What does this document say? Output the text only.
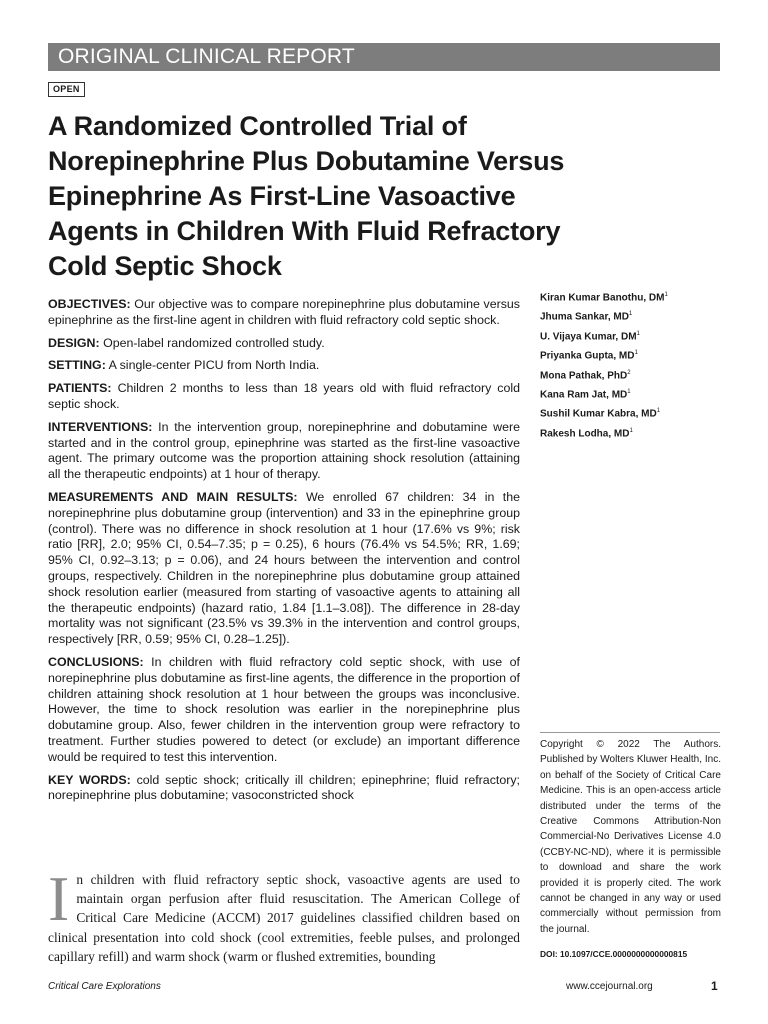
ORIGINAL CLINICAL REPORT
OPEN
A Randomized Controlled Trial of
Norepinephrine Plus Dobutamine Versus
Epinephrine As First-Line Vasoactive
Agents in Children With Fluid Refractory
Cold Septic Shock

OBJECTIVES: Our objective was to compare norepinephrine plus dobutamine versus epinephrine as the first-line agent in children with fluid refractory cold septic shock.

DESIGN: Open-label randomized controlled study.

SETTING: A single-center PICU from North India.

PATIENTS: Children 2 months to less than 18 years old with fluid refractory cold septic shock.

INTERVENTIONS: In the intervention group, norepinephrine and dobutamine were started and in the control group, epinephrine was started as the first-line vasoactive agent. The primary outcome was the proportion attaining shock resolution (attaining all the therapeutic endpoints) at 1 hour of therapy.

MEASUREMENTS AND MAIN RESULTS: We enrolled 67 children: 34 in the norepinephrine plus dobutamine group (intervention) and 33 in the epinephrine group (control). There was no difference in shock resolution at 1 hour (17.6% vs 9%; risk ratio [RR], 2.0; 95% CI, 0.54–7.35; p = 0.25), 6 hours (76.4% vs 54.5%; RR, 1.69; 95% CI, 0.92–3.13; p = 0.06), and 24 hours between the intervention and control groups, respectively. Children in the norepinephrine plus dobutamine group attained shock resolution earlier (measured from starting of vasoactive agents to attaining all the therapeutic endpoints) (hazard ratio, 1.84 [1.1–3.08]). The difference in 28-day mortality was not significant (23.5% vs 39.3% in the intervention and control groups, respectively [RR, 0.59; 95% CI, 0.28–1.25]).

CONCLUSIONS: In children with fluid refractory cold septic shock, with use of norepinephrine plus dobutamine as first-line agents, the difference in the proportion of children attaining shock resolution at 1 hour between the groups was inconclusive. However, the time to shock resolution was earlier in the norepinephrine plus dobutamine group. Also, fewer children in the intervention group were refractory to treatment. Further studies powered to detect (or exclude) an important difference would be required to test this intervention.

KEY WORDS: cold septic shock; critically ill children; epinephrine; fluid refractory; norepinephrine plus dobutamine; vasoconstricted shock

Kiran Kumar Banothu, $DM^1$
Jhuma Sankar, $MD^1$
U. Vijaya Kumar, $DM^1$
Priyanka Gupta, $MD^1$
Mona Pathak, PhD$^2$
Kana Ram Jat, $MD^1$
Sushil Kumar Kabra, $MD^1$
Rakesh Lodha, $MD^1$
Copyright © 2022 The Authors. Published by Wolters Kluwer Health, Inc. on behalf of the Society of Critical Care Medicine. This is an open-access article distributed under the terms of the Creative Commons Attribution-Non Commercial-No Derivatives License 4.0 (CCBY-NC-ND), where it is permissible to download and share the work provided it is properly cited. The work cannot be changed in any way or used commercially without permission from the journal.
DOI: 10.1097/CCE.0000000000000815
In children with fluid refractory septic shock, vasoactive agents are used to maintain organ perfusion after fluid resuscitation. The American College of Critical Care Medicine (ACCM) 2017 guidelines classified children based on clinical presentation into cold shock (cool extremities, feeble pulses, and prolonged capillary refill) and warm shock (warm or flushed extremities, bounding
Critical Care Explorations	www.ccejournal.org	1
